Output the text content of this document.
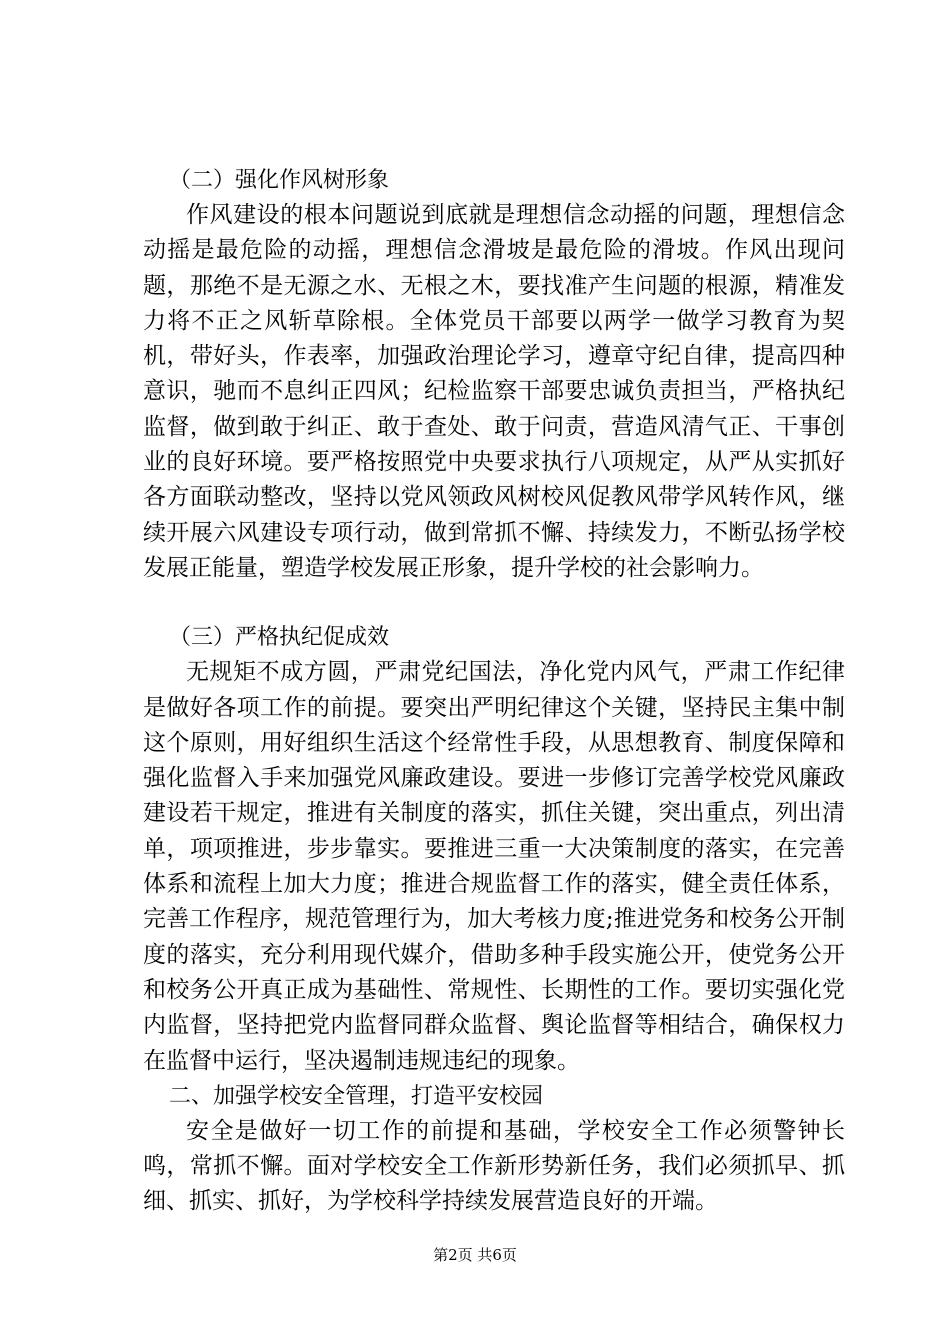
（二）强化作风树形象

作风建设的根本问题说到底就是理想信念动摇的问题，理想信念动摇是最危险的动摇，理想信念滑坡是最危险的滑坡。作风出现问题，那绝不是无源之水、无根之木，要找准产生问题的根源，精准发力将不正之风斩草除根。全体党员干部要以两学一做学习教育为契机，带好头，作表率，加强政治理论学习，遵章守纪自律，提高四种意识，驰而不息纠正四风；纪检监察干部要忠诚负责担当，严格执纪监督，做到敢于纠正、敢于查处、敢于问责，营造风清气正、干事创业的良好环境。要严格按照党中央要求执行八项规定，从严从实抓好各方面联动整改，坚持以党风领政风树校风促教风带学风转作风，继续开展六风建设专项行动，做到常抓不懈、持续发力，不断弘扬学校发展正能量，塑造学校发展正形象，提升学校的社会影响力。

（三）严格执纪促成效

无规矩不成方圆，严肃党纪国法，净化党内风气，严肃工作纪律是做好各项工作的前提。要突出严明纪律这个关键，坚持民主集中制这个原则，用好组织生活这个经常性手段，从思想教育、制度保障和强化监督入手来加强党风廉政建设。要进一步修订完善学校党风廉政建设若干规定，推进有关制度的落实，抓住关键，突出重点，列出清单，项项推进，步步靠实。要推进三重一大决策制度的落实，在完善体系和流程上加大力度；推进合规监督工作的落实，健全责任体系，完善工作程序，规范管理行为，加大考核力度;推进党务和校务公开制度的落实，充分利用现代媒介，借助多种手段实施公开，使党务公开和校务公开真正成为基础性、常规性、长期性的工作。要切实强化党内监督，坚持把党内监督同群众监督、舆论监督等相结合，确保权力在监督中运行，坚决遏制违规违纪的现象。

二、加强学校安全管理，打造平安校园

安全是做好一切工作的前提和基础，学校安全工作必须警钟长鸣，常抓不懈。面对学校安全工作新形势新任务，我们必须抓早、抓细、抓实、抓好，为学校科学持续发展营造良好的开端。

第2页 共6页
